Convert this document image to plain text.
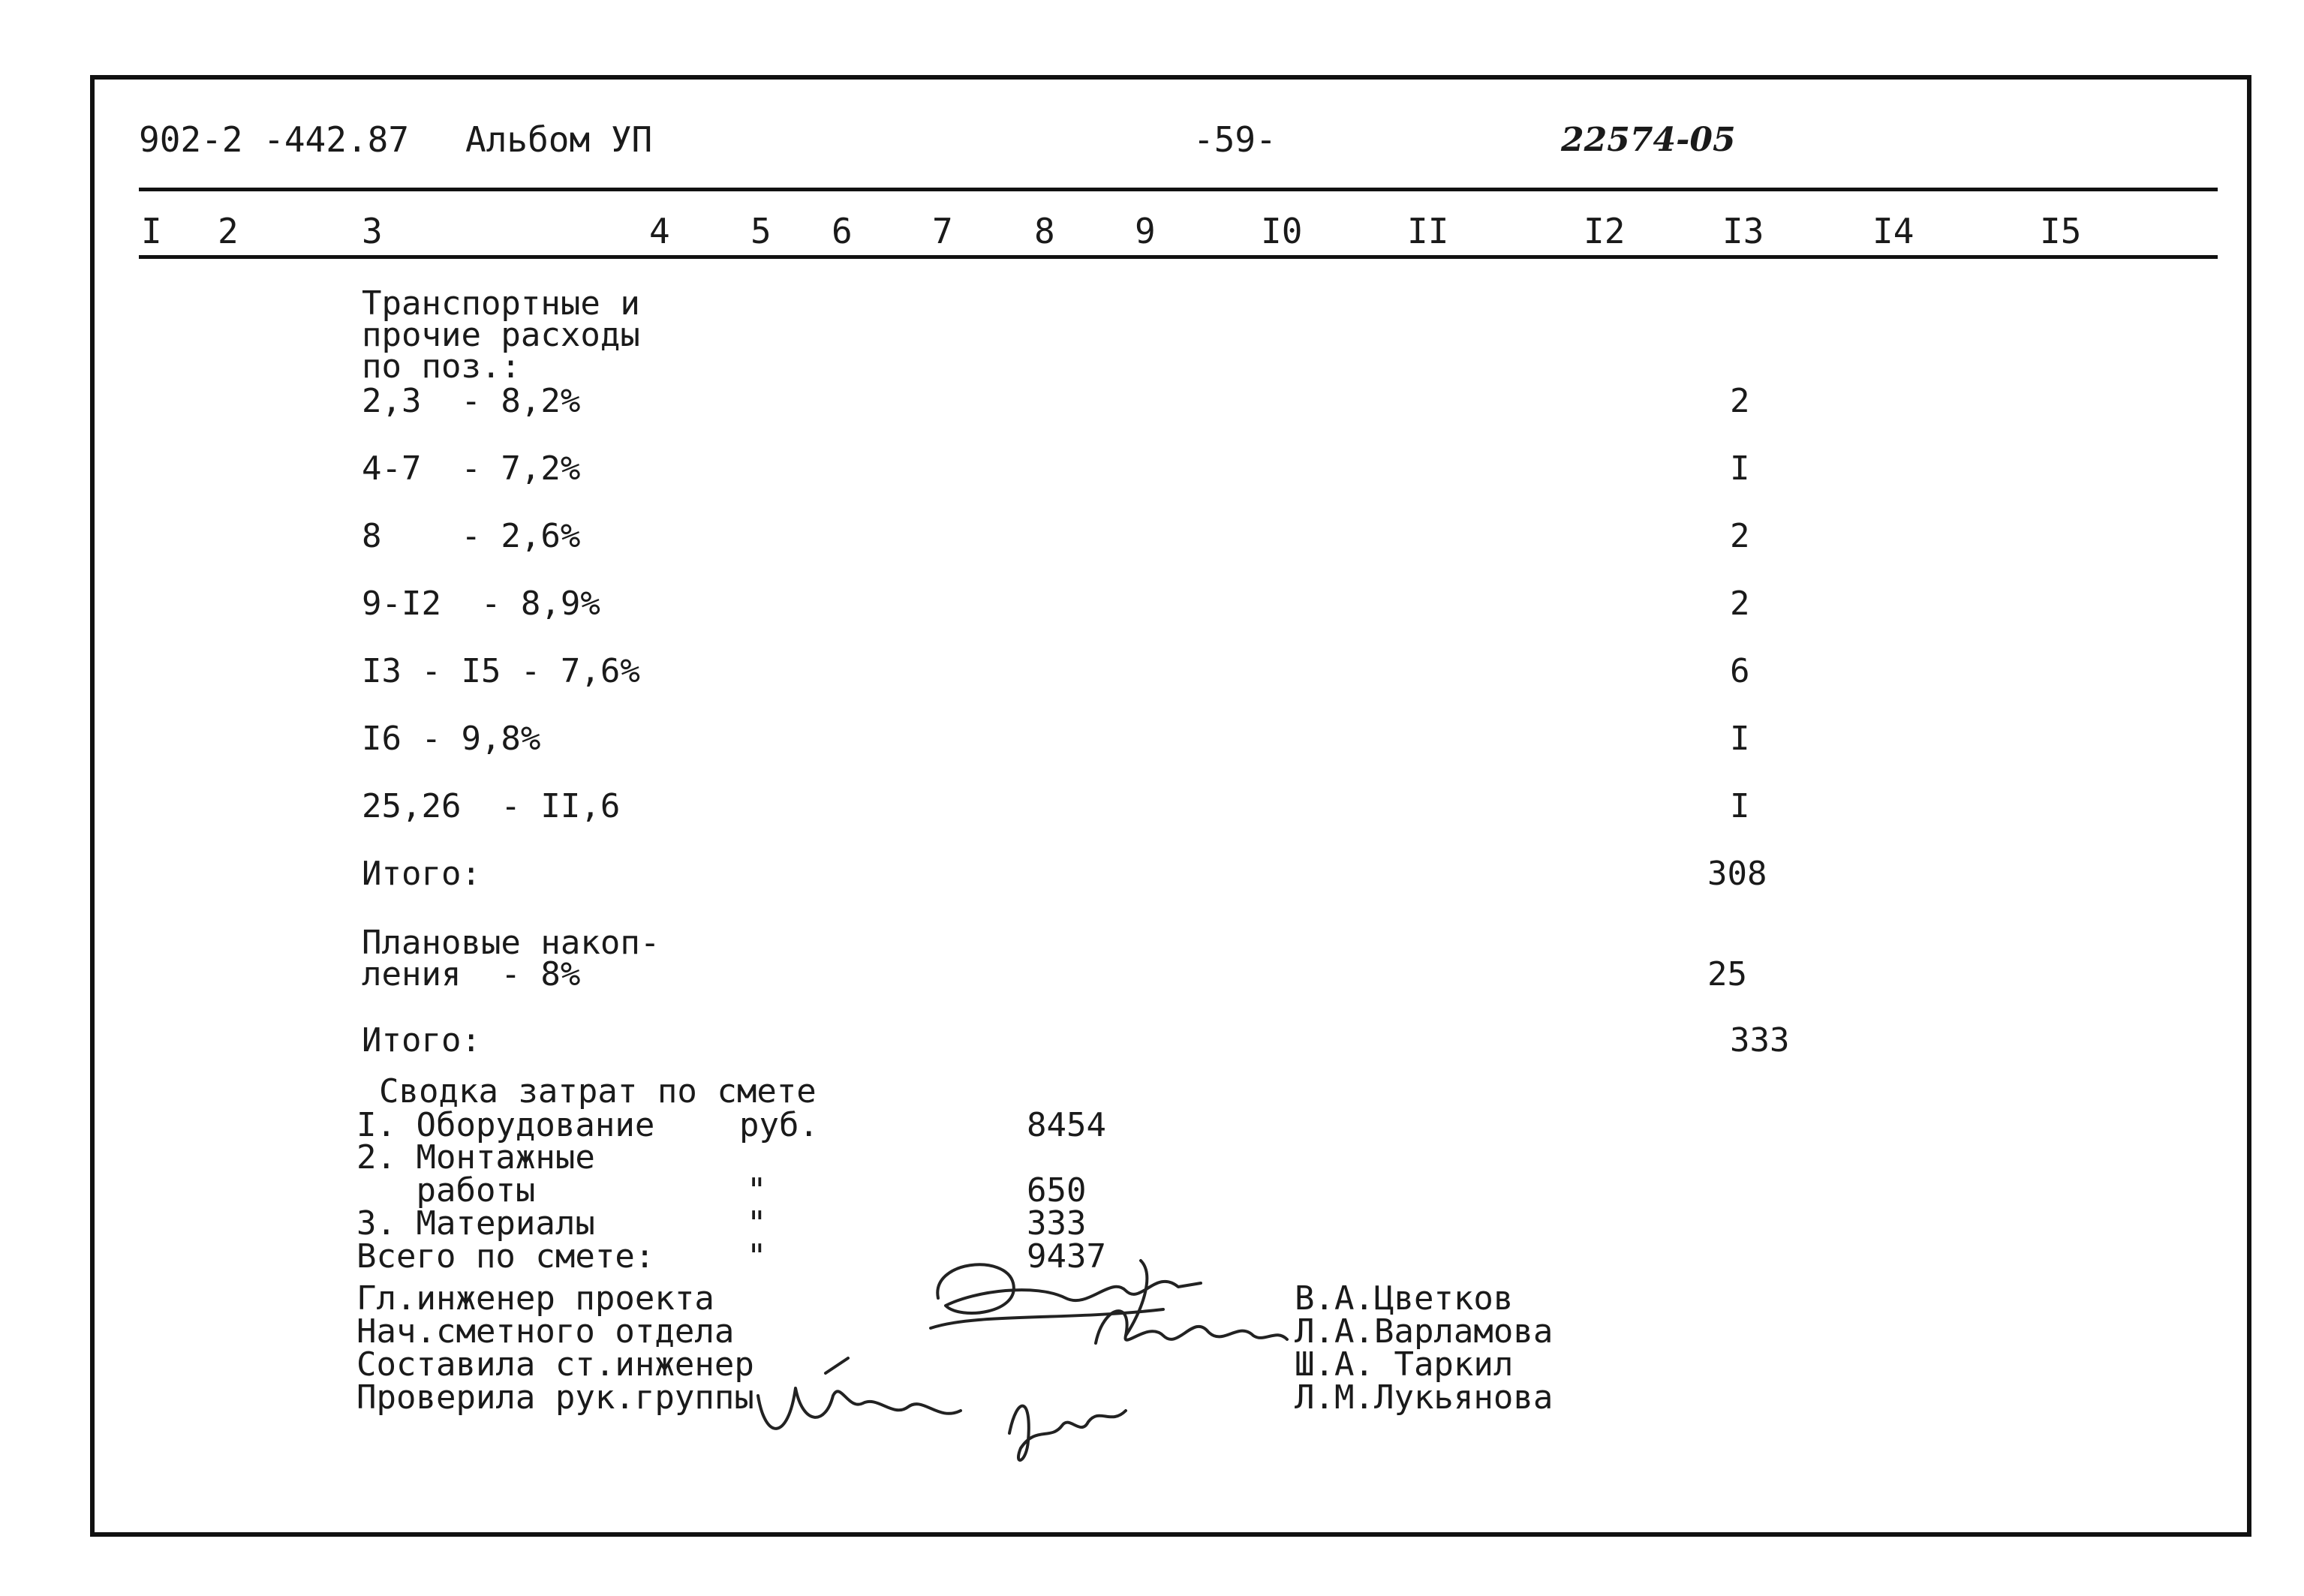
902-2 -442.87 Альбом УП	-59-	22574-05
I 2	3	4 5 6 7 8 9	I0	II	I2	I3	I4	I5
Транспортные и
прочие расходы
по поз.:
2,3  - 8,2%	2
4-7  - 7,2%	I
8    - 2,6%	2
9-I2  - 8,9%	2
I3 - I5 - 7,6%	6
I6 - 9,8%	I
25,26  - II,6	I
Итого:	308
Плановые накоп-
ления  - 8%	25
Итого:	333
Сводка затрат по смете
I. Оборудование	руб.	8454
2. Монтажные
работы	"	650
3. Материалы	"	333
Всего по смете:	"	9437
Гл.инженер проекта	В.А.Цветков
Нач.сметного отдела	Л.А.Варламова
Составила ст.инженер	Ш.А. Таркил
Проверила рук.группы	Л.М.Лукьянова
